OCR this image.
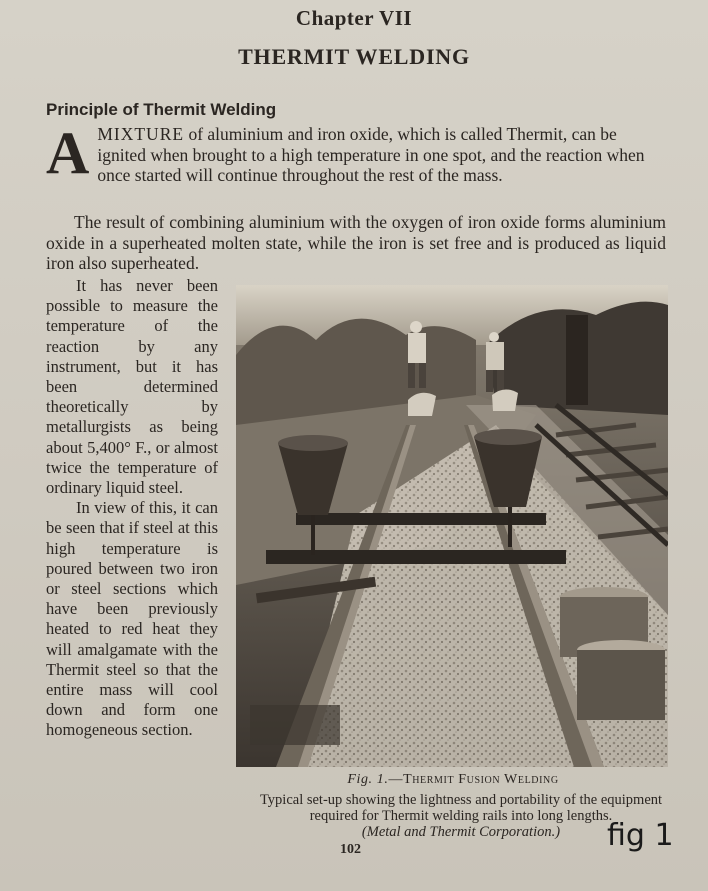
Chapter VII
THERMIT WELDING
Principle of Thermit Welding
AMIXTURE of aluminium and iron oxide, which is called Thermit, can be ignited when brought to a high temperature in one spot, and the reaction when once started will continue throughout the rest of the mass.
The result of combining aluminium with the oxygen of iron oxide forms aluminium oxide in a superheated molten state, while the iron is set free and is produced as liquid iron also superheated.

It has never been possible to measure the temperature of the reaction by any instrument, but it has been determined theoretically by metallurgists as being about 5,400° F., or almost twice the temperature of ordinary liquid steel.

In view of this, it can be seen that if steel at this high temperature is poured between two iron or steel sections which have been previously heated to red heat they will amalgamate with the Thermit steel so that the entire mass will cool down and form one homogeneous section.

Fig. 1.—Thermit Fusion Welding
Typical set-up showing the lightness and portability of the equipment required for Thermit welding rails into long lengths.
(Metal and Thermit Corporation.)
102	fig 1
